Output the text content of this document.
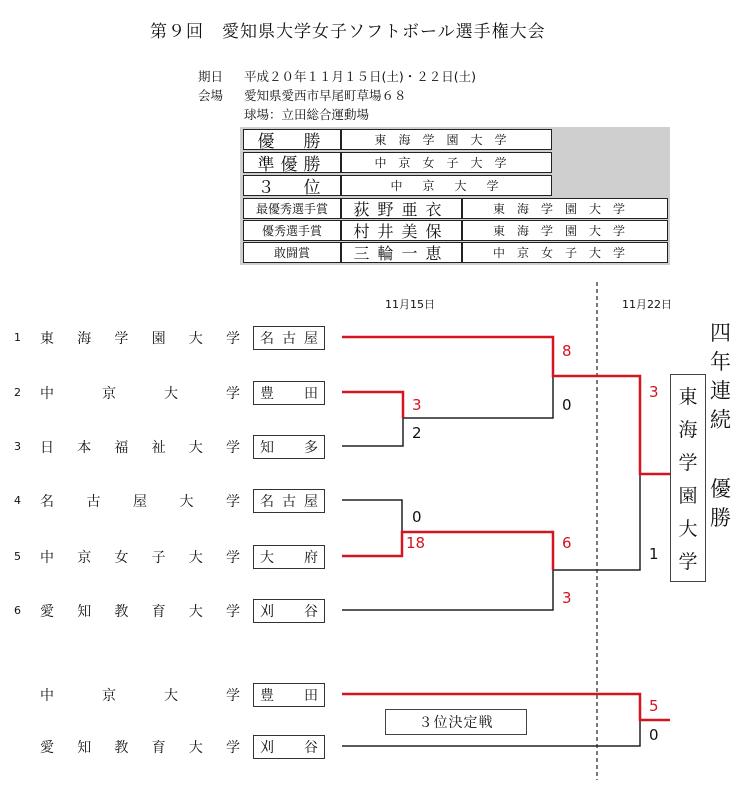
第９回　愛知県大学女子ソフトボール選手権大会
期日 平成２０年１１月１５日(土)・２２日(土)
会場 愛知県愛西市早尾町草場６８
球場：立田総合運動場
優　勝	東海学園大学
準優勝	中京女子大学
３　位	中　京　大　学
最優秀選手賞	荻野亜衣	東海学園大学
優秀選手賞	村井美保	東海学園大学
敢闘賞	三輪一恵	中京女子大学
11月15日	11月22日
1 東 海 学 園 大 学 名 古 屋
2 中	京	大	学 豊 田
3 日 本 福 祉 大 学 知 多
4 名 古 屋 大 学 名 古 屋
5 中 京 女 子 大 学 大 府
6 愛 知 教 育 大 学 刈 谷
中	京	大	学 豊 田
愛 知 教 育 大 学 刈 谷
３位決定戦
3
2
0
18
8
0
6
3
3
1
5
0
東
海
学
園
大
学
四
年
連
続
優
勝
